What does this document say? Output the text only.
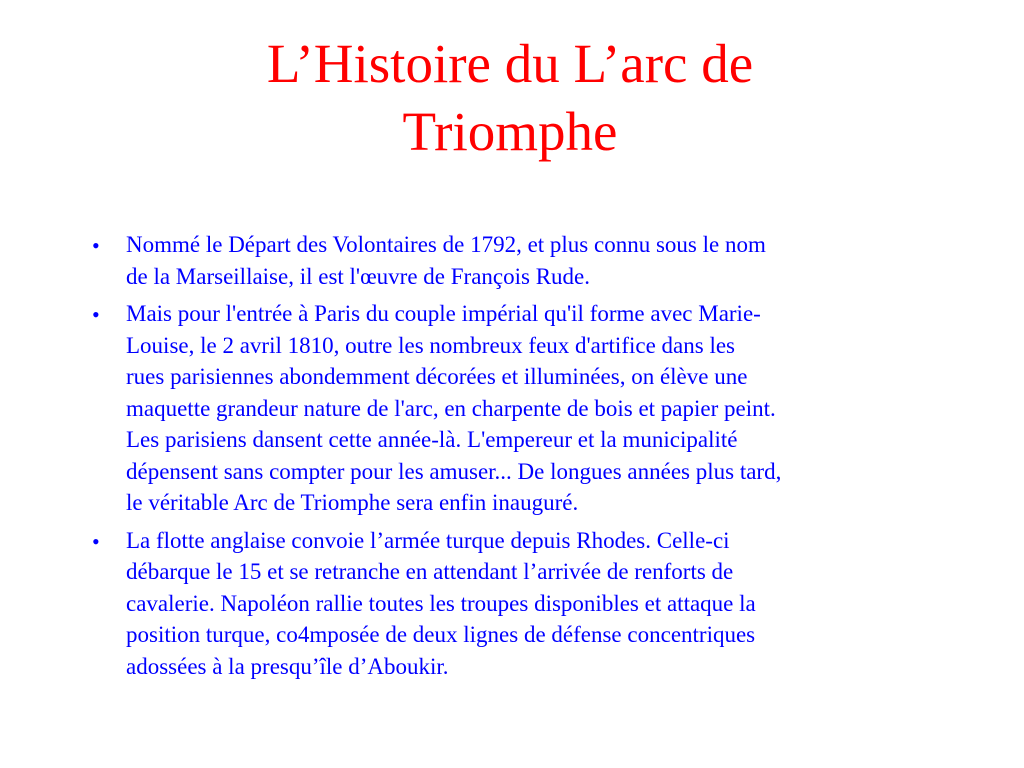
L’Histoire du L’arc de
Triomphe
•	Nommé le Départ des Volontaires de 1792, et plus connu sous le nom
de la Marseillaise, il est l'œuvre de François Rude.
•	Mais pour l'entrée à Paris du couple impérial qu'il forme avec Marie-
Louise, le 2 avril 1810, outre les nombreux feux d'artifice dans les
rues parisiennes abondemment décorées et illuminées, on élève une
maquette grandeur nature de l'arc, en charpente de bois et papier peint.
Les parisiens dansent cette année-là. L'empereur et la municipalité
dépensent sans compter pour les amuser... De longues années plus tard,
le véritable Arc de Triomphe sera enfin inauguré.
•	La flotte anglaise convoie l’armée turque depuis Rhodes. Celle-ci
débarque le 15 et se retranche en attendant l’arrivée de renforts de
cavalerie. Napoléon rallie toutes les troupes disponibles et attaque la
position turque, co4mposée de deux lignes de défense concentriques
adossées à la presqu’île d’Aboukir.
